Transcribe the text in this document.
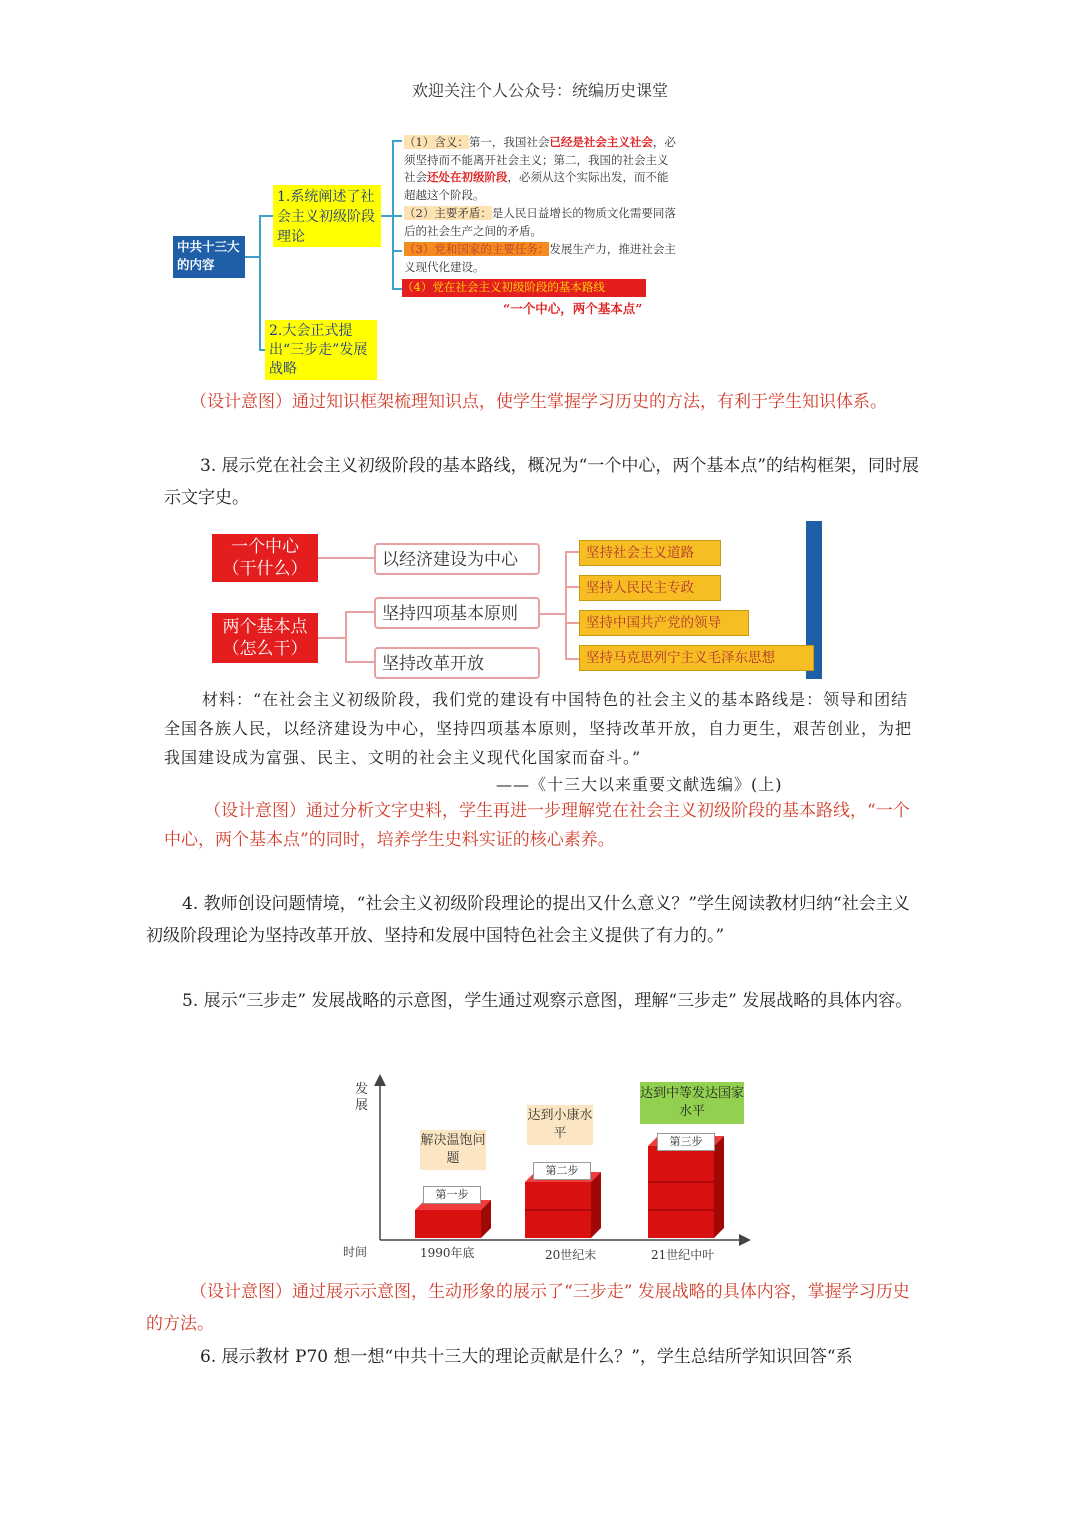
欢迎关注个人公众号：统编历史课堂
中共十三大的内容
1.系统阐述了社会主义初级阶段理论
2.大会正式提出“三步走”发展战略
（1）含义：第一，我国社会已经是社会主义社会，必须坚持而不能离开社会主义；第二，我国的社会主义社会还处在初级阶段，必须从这个实际出发，而不能超越这个阶段。
（2）主要矛盾：是人民日益增长的物质文化需要同落后的社会生产之间的矛盾。
（3）党和国家的主要任务：发展生产力，推进社会主义现代化建设。
（4）党在社会主义初级阶段的基本路线
“一个中心，两个基本点”
（设计意图）通过知识框架梳理知识点，使学生掌握学习历史的方法，有利于学生知识体系。
3. 展示党在社会主义初级阶段的基本路线，概况为“一个中心，两个基本点”的结构框架，同时展示文字史。
一个中心
（干什么）
两个基本点
（怎么干）
以经济建设为中心
坚持四项基本原则
坚持改革开放
坚持社会主义道路
坚持人民民主专政
坚持中国共产党的领导
坚持马克思列宁主义毛泽东思想
材料：“在社会主义初级阶段，我们党的建设有中国特色的社会主义的基本路线是：领导和团结全国各族人民，以经济建设为中心，坚持四项基本原则，坚持改革开放，自力更生，艰苦创业，为把我国建设成为富强、民主、文明的社会主义现代化国家而奋斗。”
——《十三大以来重要文献选编》(上)
（设计意图）通过分析文字史料，学生再进一步理解党在社会主义初级阶段的基本路线，“一个中心，两个基本点”的同时，培养学生史料实证的核心素养。
4. 教师创设问题情境，“社会主义初级阶段理论的提出又什么意义？”学生阅读教材归纳“社会主义初级阶段理论为坚持改革开放、坚持和发展中国特色社会主义提供了有力的。”
5. 展示“三步走” 发展战略的示意图，学生通过观察示意图，理解“三步走” 发展战略的具体内容。
发展
时间	1990年底	20世纪末	21世纪中叶
第一步
第二步
第三步
解决温饱问题
达到小康水平
达到中等发达国家水平
（设计意图）通过展示示意图，生动形象的展示了“三步走” 发展战略的具体内容，掌握学习历史的方法。
6. 展示教材 P70 想一想“中共十三大的理论贡献是什么？”，学生总结所学知识回答“系
